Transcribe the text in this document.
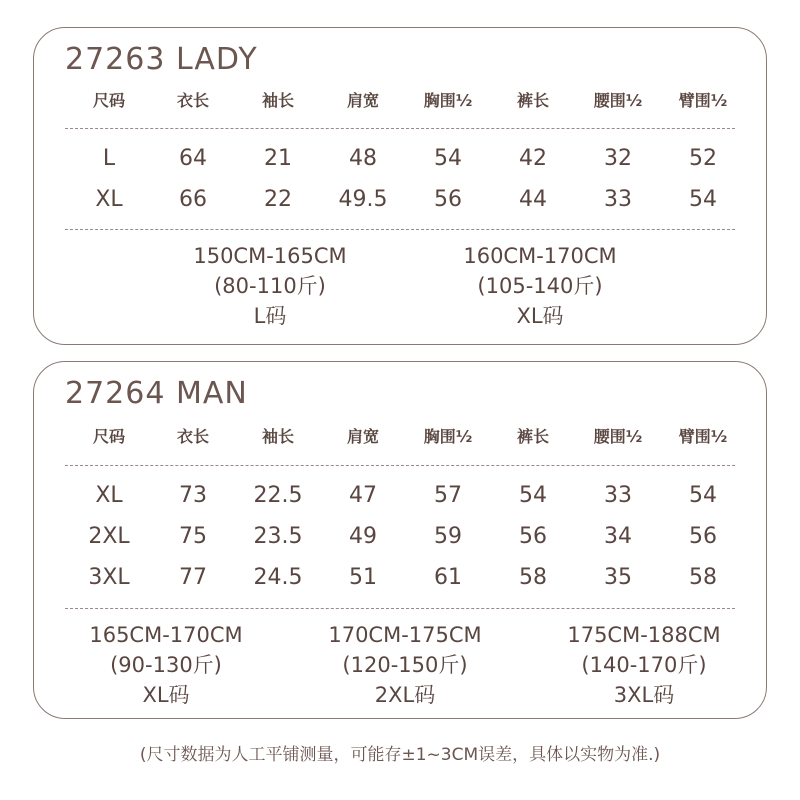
27263 LADY
尺码	衣长	袖长	肩宽	胸围½	裤长	腰围½	臂围½
L	64	21	48	54	42	32	52
XL	66	22	49.5	56	44	33	54
150CM-165CM
(80-110斤)
L码
160CM-170CM
(105-140斤)
XL码
27264 MAN
尺码	衣长	袖长	肩宽	胸围½	裤长	腰围½	臂围½
XL	73	22.5	47	57	54	33	54
2XL	75	23.5	49	59	56	34	56
3XL	77	24.5	51	61	58	35	58
165CM-170CM
(90-130斤)
XL码
170CM-175CM
(120-150斤)
2XL码
175CM-188CM
(140-170斤)
3XL码
(尺寸数据为人工平铺测量，可能存±1~3CM误差，具体以实物为准.)
